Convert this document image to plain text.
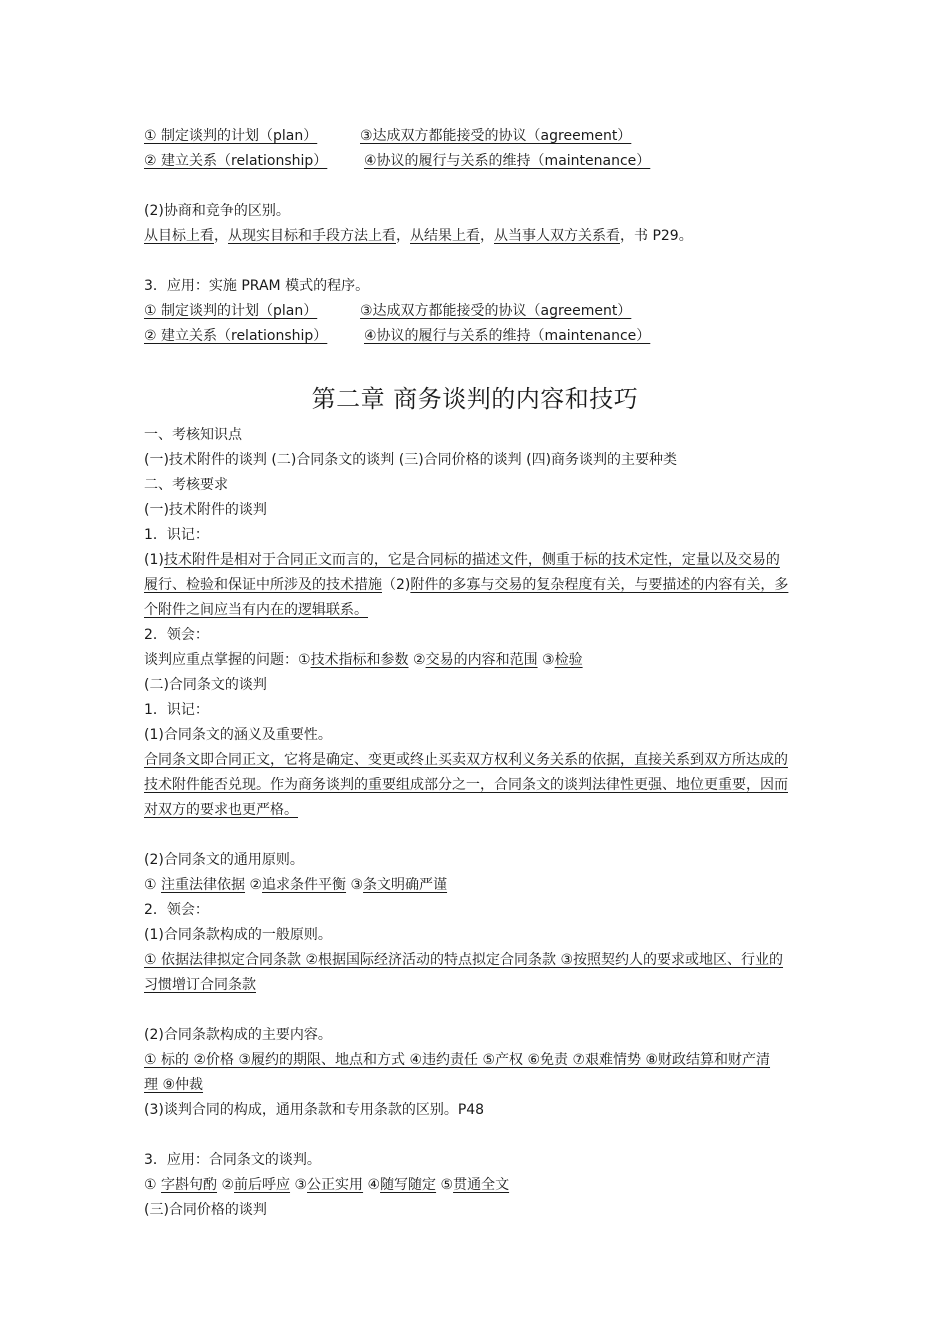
① 制定谈判的计划（plan）	③达成双方都能接受的协议（agreement）
② 建立关系（relationship）	④协议的履行与关系的维持（maintenance）
(2)协商和竞争的区别。
从目标上看，从现实目标和手段方法上看，从结果上看，从当事人双方关系看，书 P29。
3．应用：实施 PRAM 模式的程序。
① 制定谈判的计划（plan）	③达成双方都能接受的协议（agreement）
② 建立关系（relationship）	④协议的履行与关系的维持（maintenance）
第二章 商务谈判的内容和技巧
一、考核知识点
(一)技术附件的谈判 (二)合同条文的谈判 (三)合同价格的谈判 (四)商务谈判的主要种类
二、考核要求
(一)技术附件的谈判
1．识记：
(1)技术附件是相对于合同正文而言的，它是合同标的描述文件，侧重于标的技术定性，定量以及交易的
履行、检验和保证中所涉及的技术措施（2)附件的多寡与交易的复杂程度有关，与要描述的内容有关，多
个附件之间应当有内在的逻辑联系。
2．领会：
谈判应重点掌握的问题：①技术指标和参数 ②交易的内容和范围 ③检验
(二)合同条文的谈判
1．识记：
(1)合同条文的涵义及重要性。
合同条文即合同正文，它将是确定、变更或终止买卖双方权利义务关系的依据，直接关系到双方所达成的
技术附件能否兑现。作为商务谈判的重要组成部分之一，合同条文的谈判法律性更强、地位更重要，因而
对双方的要求也更严格。
(2)合同条文的通用原则。
① 注重法律依据 ②追求条件平衡 ③条文明确严谨
2．领会：
(1)合同条款构成的一般原则。
① 依据法律拟定合同条款 ②根据国际经济活动的特点拟定合同条款 ③按照契约人的要求或地区、行业的
习惯增订合同条款
(2)合同条款构成的主要内容。
① 标的 ②价格 ③履约的期限、地点和方式 ④违约责任 ⑤产权 ⑥免责 ⑦艰难情势 ⑧财政结算和财产清
理 ⑨仲裁
(3)谈判合同的构成，通用条款和专用条款的区别。P48
3．应用：合同条文的谈判。
① 字斟句酌 ②前后呼应 ③公正实用 ④随写随定 ⑤贯通全文
(三)合同价格的谈判
